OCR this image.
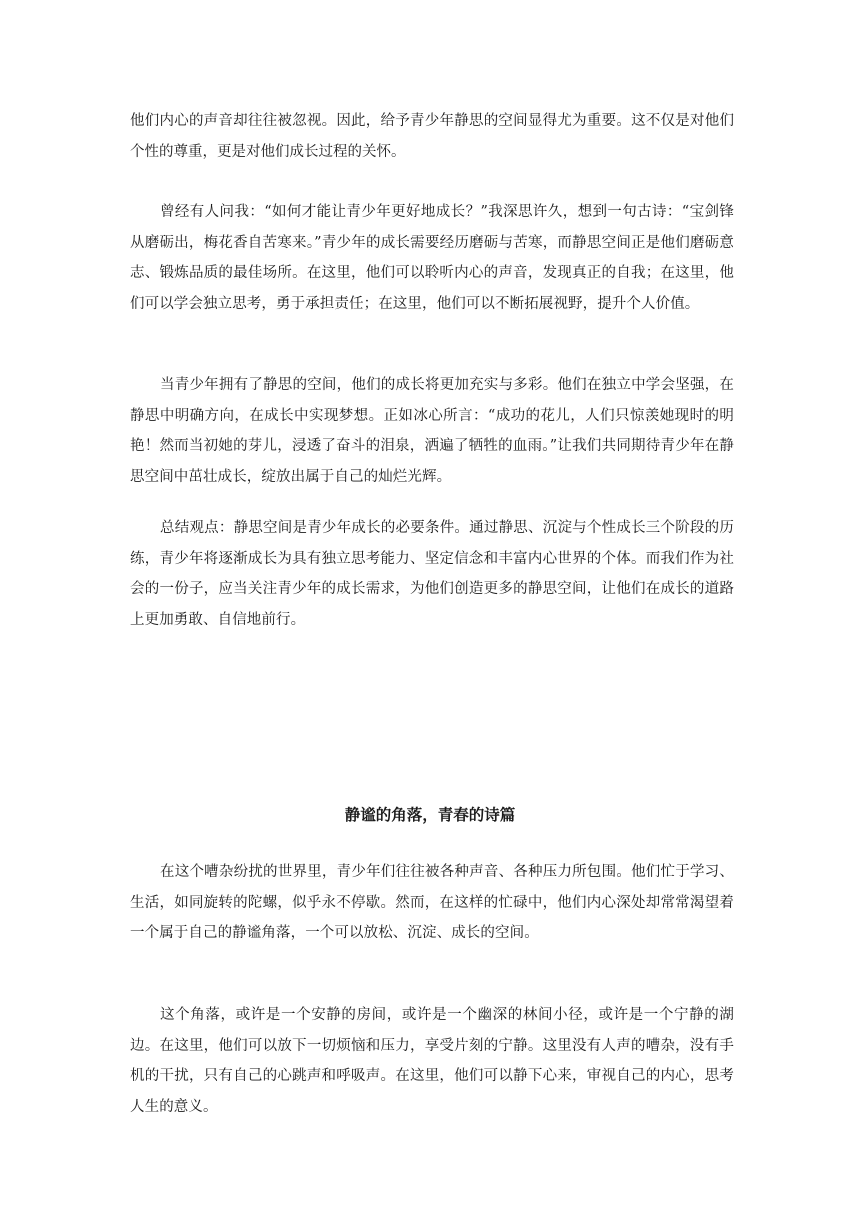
他们内心的声音却往往被忽视。因此，给予青少年静思的空间显得尤为重要。这不仅是对他们个性的尊重，更是对他们成长过程的关怀。

曾经有人问我：“如何才能让青少年更好地成长？”我深思许久，想到一句古诗：“宝剑锋从磨砺出，梅花香自苦寒来。”青少年的成长需要经历磨砺与苦寒，而静思空间正是他们磨砺意志、锻炼品质的最佳场所。在这里，他们可以聆听内心的声音，发现真正的自我；在这里，他们可以学会独立思考，勇于承担责任；在这里，他们可以不断拓展视野，提升个人价值。

当青少年拥有了静思的空间，他们的成长将更加充实与多彩。他们在独立中学会坚强，在静思中明确方向，在成长中实现梦想。正如冰心所言：“成功的花儿，人们只惊羡她现时的明艳！然而当初她的芽儿，浸透了奋斗的泪泉，洒遍了牺牲的血雨。”让我们共同期待青少年在静思空间中茁壮成长，绽放出属于自己的灿烂光辉。

总结观点：静思空间是青少年成长的必要条件。通过静思、沉淀与个性成长三个阶段的历练，青少年将逐渐成长为具有独立思考能力、坚定信念和丰富内心世界的个体。而我们作为社会的一份子，应当关注青少年的成长需求，为他们创造更多的静思空间，让他们在成长的道路上更加勇敢、自信地前行。

静谧的角落，青春的诗篇

在这个嘈杂纷扰的世界里，青少年们往往被各种声音、各种压力所包围。他们忙于学习、生活，如同旋转的陀螺，似乎永不停歇。然而，在这样的忙碌中，他们内心深处却常常渴望着一个属于自己的静谧角落，一个可以放松、沉淀、成长的空间。

这个角落，或许是一个安静的房间，或许是一个幽深的林间小径，或许是一个宁静的湖边。在这里，他们可以放下一切烦恼和压力，享受片刻的宁静。这里没有人声的嘈杂，没有手机的干扰，只有自己的心跳声和呼吸声。在这里，他们可以静下心来，审视自己的内心，思考人生的意义。
